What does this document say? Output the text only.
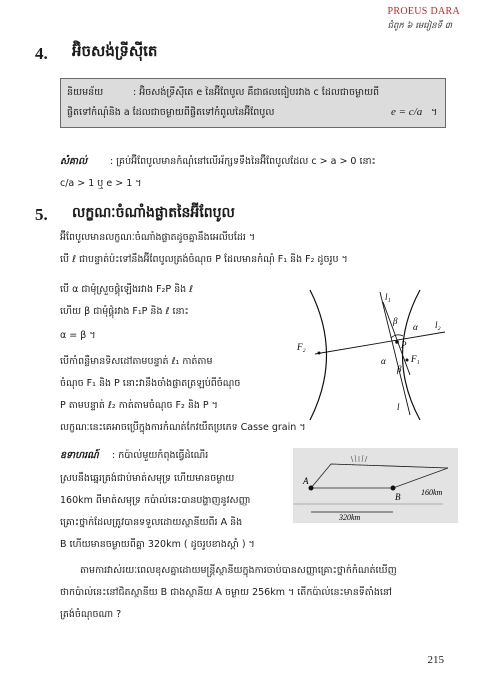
PROEUS DARA
ជំពូក ៦ មេរៀនទី ៣
4. អ៊ិចសង់ទ្រីស៊ីតេ
និយមន័យ	: អ៊ិចសង់ទ្រីស៊ីតេ e នៃអ៊ីពែបូល គឺជាផលធៀបរវាង c ដែលជាចម្ងាយពី
ផ្ចិតទៅកំណុំនិង a ដែលជាចម្ងាយពីផ្ចិតទៅកំពូលនៃអ៊ីពែបូល	e = c/a ។
សំគាល់ : គ្រប់អ៊ីពែបូលមានកំណុំនៅលើអ័ក្សទទឹងនៃអ៊ីពែបូលដែល c > a > 0 នោះ
c/a > 1 ឬ e > 1 ។
5. លក្ខណៈចំណាំងផ្លាតនៃអ៊ីពែបូល
អ៊ីពែបូលមានលក្ខណៈចំណាំងផ្លាតដូចគ្នានឹងអេលីបដែរ ។
បើ ℓ ជាបន្ទាត់ប៉ះទៅនឹងអ៊ីពែបូលត្រង់ចំណុច P ដែលមានកំណុំ F₁ និង F₂ ដូចរូប ។
បើ α ជាមុំស្រួចផ្គុំឡើងរវាង F₂P និង ℓ
ហើយ β ជាមុំផ្គុំរវាង F₁P និង ℓ នោះ
α = β ។
បើកាំពន្លឺមានទិសដៅតាមបន្ទាត់ ℓ₁ កាត់តាម
ចំណុច F₁ និង P នោះវានឹងចាំងផ្លាតត្រឡប់ពីចំណុច
P តាមបន្ទាត់ ℓ₂ កាត់តាមចំណុច F₂ និង P ។
លក្ខណៈនេះគេអាចប្រើក្នុងការកំណត់កែវយឹតប្រភេទ Casse grain ។
ឧទាហរណ៍ : កប៉ាល់មួយកំពុងធ្វើដំណើរ
ស្របនឹងឆ្នេរត្រង់ជាប់មាត់សមុទ្រ ហើយមានចម្ងាយ
160km ពីមាត់សមុទ្រ កប៉ាល់នេះបានបង្ហាញនូវសញ្ញា
គ្រោះថ្នាក់ដែលត្រូវបានទទួលដោយស្ថានីយពីរ A និង
B ហើយមានចម្ងាយពីគ្នា 320km ( ដូចរូបខាងស្តាំ ) ។
តាមការវាស់រយៈពេលខុសគ្នាដោយមន្ត្រីស្ថានីយក្នុងការចាប់បានសញ្ញាគ្រោះថ្នាក់កំណត់ឃើញ
ថាកប៉ាល់នេះនៅជិតស្ថានីយ B ជាងស្ថានីយ A ចម្ងាយ 256km ។ តើកប៉ាល់នេះមានទីតាំងនៅ
ត្រង់ចំណុចណា ?
l₁
l₂
l
P
F₁
F₂
α
α
β
β
A
B
320km
160km
215
